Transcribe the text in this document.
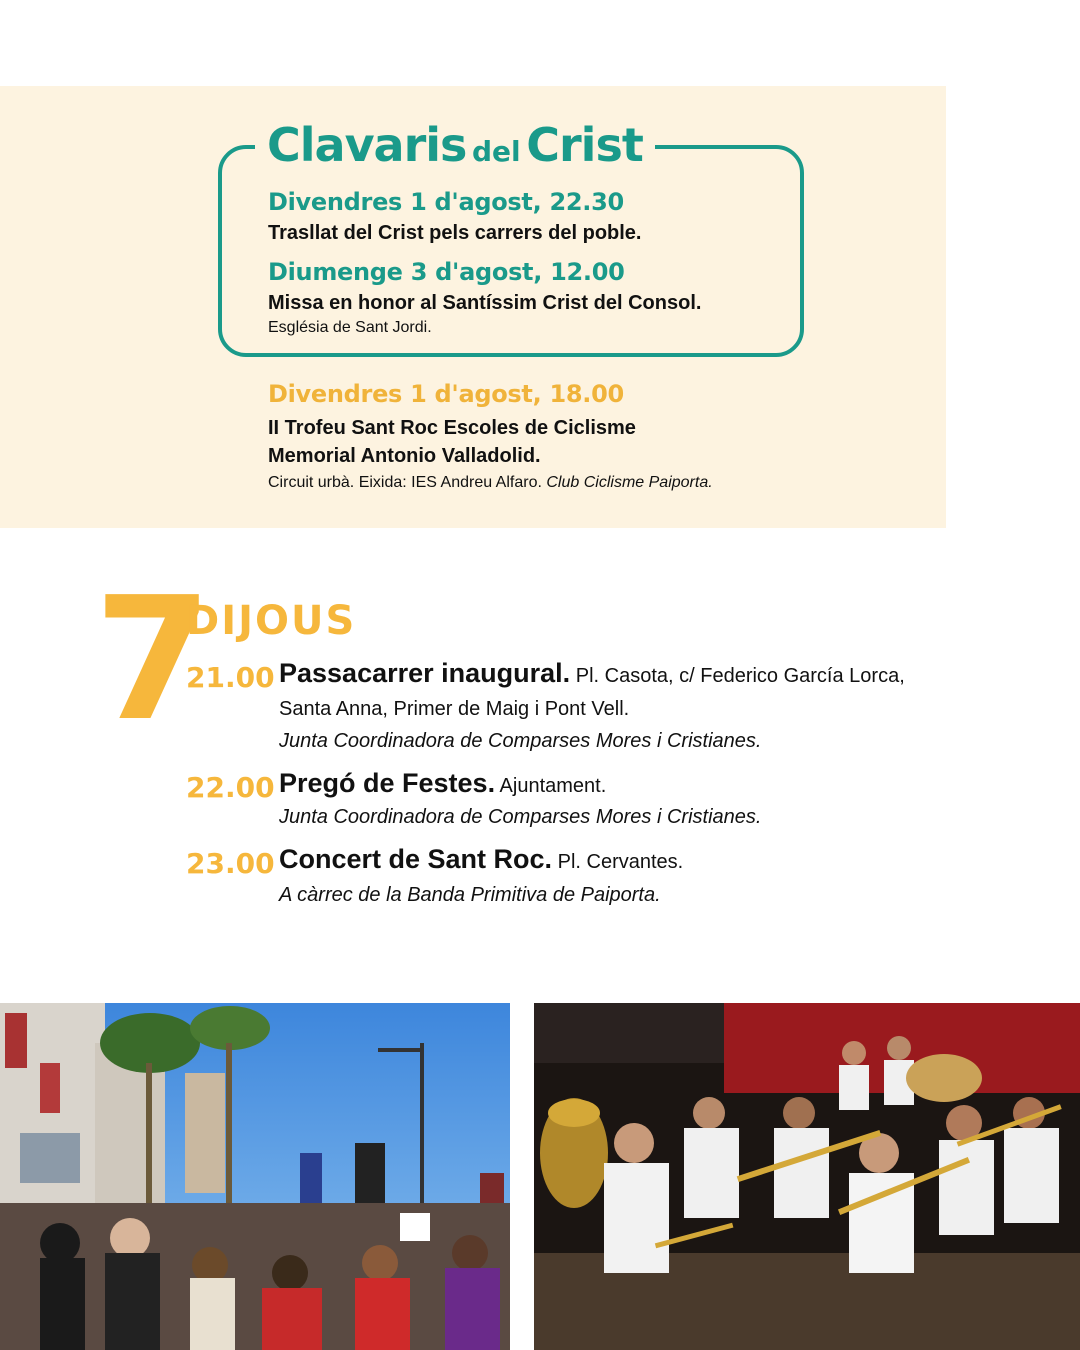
Clavaris del Crist
Divendres 1 d'agost, 22.30
Trasllat del Crist pels carrers del poble.
Diumenge 3 d'agost, 12.00
Missa en honor al Santíssim Crist del Consol.
Església de Sant Jordi.
Divendres 1 d'agost, 18.00
II Trofeu Sant Roc Escoles de Ciclisme
Memorial Antonio Valladolid.
Circuit urbà. Eixida: IES Andreu Alfaro. Club Ciclisme Paiporta.
7
DIJOUS
21.00 Passacarrer inaugural. Pl. Casota, c/ Federico García Lorca,
Santa Anna, Primer de Maig i Pont Vell.
Junta Coordinadora de Comparses Mores i Cristianes.
22.00 Pregó de Festes. Ajuntament.
Junta Coordinadora de Comparses Mores i Cristianes.
23.00 Concert de Sant Roc. Pl. Cervantes.
A càrrec de la Banda Primitiva de Paiporta.
